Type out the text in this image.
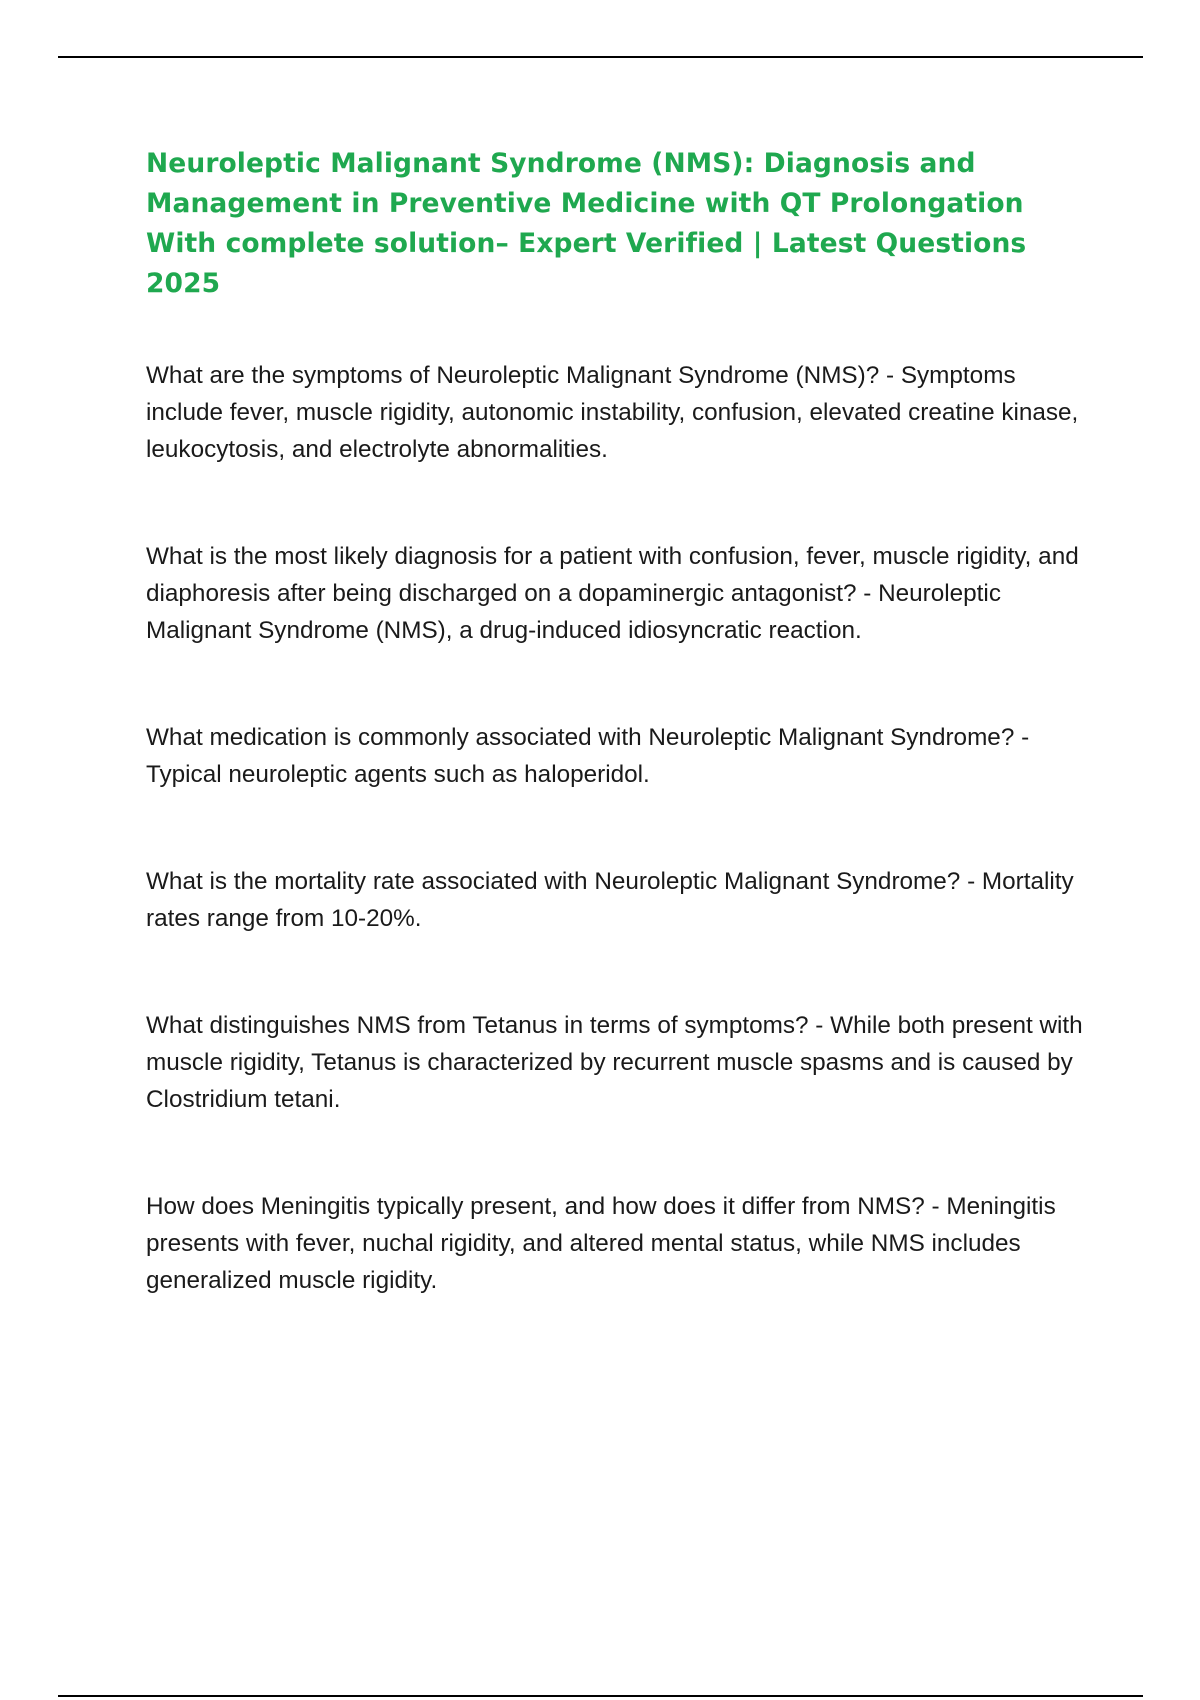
Neuroleptic Malignant Syndrome (NMS): Diagnosis and Management in Preventive Medicine with QT Prolongation With complete solution– Expert Verified | Latest Questions 2025

What are the symptoms of Neuroleptic Malignant Syndrome (NMS)? - Symptoms include fever, muscle rigidity, autonomic instability, confusion, elevated creatine kinase, leukocytosis, and electrolyte abnormalities.

What is the most likely diagnosis for a patient with confusion, fever, muscle rigidity, and diaphoresis after being discharged on a dopaminergic antagonist? - Neuroleptic Malignant Syndrome (NMS), a drug-induced idiosyncratic reaction.

What medication is commonly associated with Neuroleptic Malignant Syndrome? - Typical neuroleptic agents such as haloperidol.

What is the mortality rate associated with Neuroleptic Malignant Syndrome? - Mortality rates range from 10-20%.

What distinguishes NMS from Tetanus in terms of symptoms? - While both present with muscle rigidity, Tetanus is characterized by recurrent muscle spasms and is caused by Clostridium tetani.

How does Meningitis typically present, and how does it differ from NMS? - Meningitis presents with fever, nuchal rigidity, and altered mental status, while NMS includes generalized muscle rigidity.
